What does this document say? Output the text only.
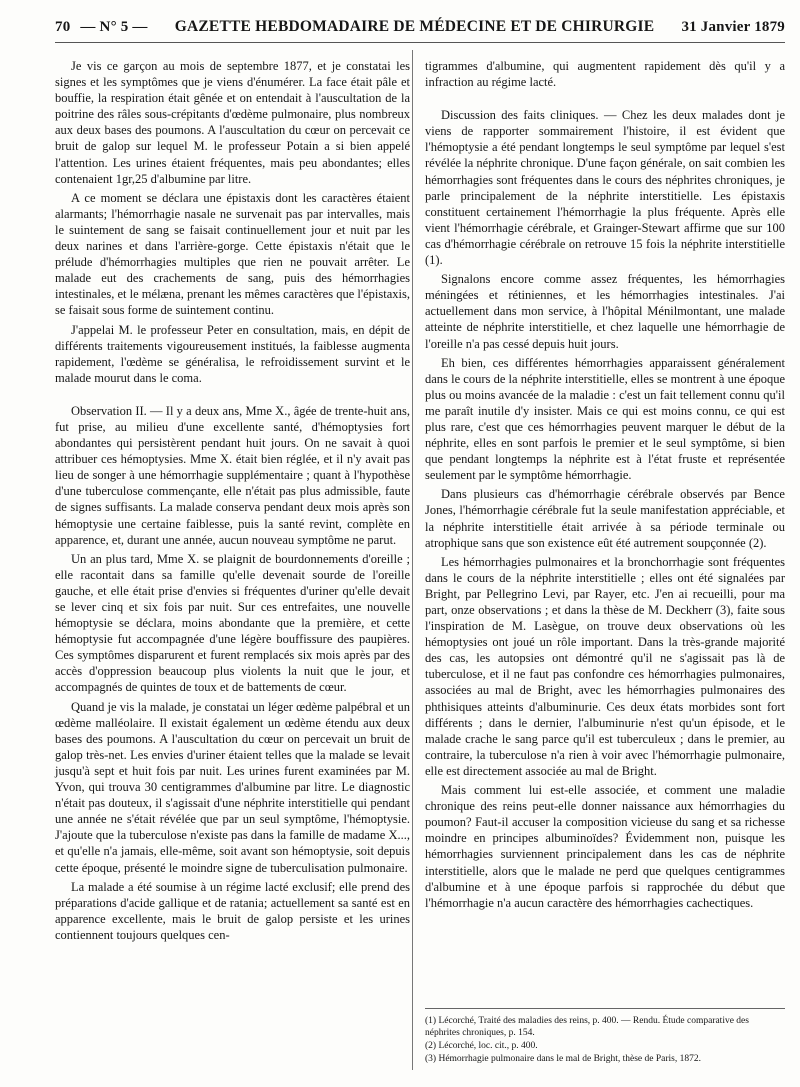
70 — N° 5 — GAZETTE HEBDOMADAIRE DE MÉDECINE ET DE CHIRURGIE 31 Janvier 1879

Je vis ce garçon au mois de septembre 1877, et je constatai les signes et les symptômes que je viens d'énumérer. La face était pâle et bouffie, la respiration était gênée et on entendait à l'auscultation de la poitrine des râles sous-crépitants d'œdème pulmonaire, plus nombreux aux deux bases des poumons. A l'auscultation du cœur on percevait ce bruit de galop sur lequel M. le professeur Potain a si bien appelé l'attention. Les urines étaient fréquentes, mais peu abondantes; elles contenaient 1gr,25 d'albumine par litre.

A ce moment se déclara une épistaxis dont les caractères étaient alarmants; l'hémorrhagie nasale ne survenait pas par intervalles, mais le suintement de sang se faisait continuellement jour et nuit par les deux narines et dans l'arrière-gorge. Cette épistaxis n'était que le prélude d'hémorrhagies multiples que rien ne pouvait arrêter. Le malade eut des crachements de sang, puis des hémorrhagies intestinales, et le mélæna, prenant les mêmes caractères que l'épistaxis, se faisait sous forme de suintement continu.

J'appelai M. le professeur Peter en consultation, mais, en dépit de différents traitements vigoureusement institués, la faiblesse augmenta rapidement, l'œdème se généralisa, le refroidissement survint et le malade mourut dans le coma.

Observation II. — Il y a deux ans, Mme X., âgée de trente-huit ans, fut prise, au milieu d'une excellente santé, d'hémoptysies fort abondantes qui persistèrent pendant huit jours. On ne savait à quoi attribuer ces hémoptysies. Mme X. était bien réglée, et il n'y avait pas lieu de songer à une hémorrhagie supplémentaire ; quant à l'hypothèse d'une tuberculose commençante, elle n'était pas plus admissible, faute de signes suffisants. La malade conserva pendant deux mois après son hémoptysie une certaine faiblesse, puis la santé revint, complète en apparence, et, durant une année, aucun nouveau symptôme ne parut.

Un an plus tard, Mme X. se plaignit de bourdonnements d'oreille ; elle racontait dans sa famille qu'elle devenait sourde de l'oreille gauche, et elle était prise d'envies si fréquentes d'uriner qu'elle devait se lever cinq et six fois par nuit. Sur ces entrefaites, une nouvelle hémoptysie se déclara, moins abondante que la première, et cette hémoptysie fut accompagnée d'une légère bouffissure des paupières. Ces symptômes disparurent et furent remplacés six mois après par des accès d'oppression beaucoup plus violents la nuit que le jour, et accompagnés de quintes de toux et de battements de cœur.

Quand je vis la malade, je constatai un léger œdème palpébral et un œdème malléolaire. Il existait également un œdème étendu aux deux bases des poumons. A l'auscultation du cœur on percevait un bruit de galop très-net. Les envies d'uriner étaient telles que la malade se levait jusqu'à sept et huit fois par nuit. Les urines furent examinées par M. Yvon, qui trouva 30 centigrammes d'albumine par litre. Le diagnostic n'était pas douteux, il s'agissait d'une néphrite interstitielle qui pendant une année ne s'était révélée que par un seul symptôme, l'hémoptysie. J'ajoute que la tuberculose n'existe pas dans la famille de madame X..., et qu'elle n'a jamais, elle-même, soit avant son hémoptysie, soit depuis cette époque, présenté le moindre signe de tuberculisation pulmonaire.

La malade a été soumise à un régime lacté exclusif; elle prend des préparations d'acide gallique et de ratania; actuellement sa santé est en apparence excellente, mais le bruit de galop persiste et les urines contiennent toujours quelques cen-

tigrammes d'albumine, qui augmentent rapidement dès qu'il y a infraction au régime lacté.

Discussion des faits cliniques. — Chez les deux malades dont je viens de rapporter sommairement l'histoire, il est évident que l'hémoptysie a été pendant longtemps le seul symptôme par lequel s'est révélée la néphrite chronique. D'une façon générale, on sait combien les hémorrhagies sont fréquentes dans le cours des néphrites chroniques, je parle principalement de la néphrite interstitielle. Les épistaxis constituent certainement l'hémorrhagie la plus fréquente. Après elle vient l'hémorrhagie cérébrale, et Grainger-Stewart affirme que sur 100 cas d'hémorrhagie cérébrale on retrouve 15 fois la néphrite interstitielle (1).

Signalons encore comme assez fréquentes, les hémorrhagies méningées et rétiniennes, et les hémorrhagies intestinales. J'ai actuellement dans mon service, à l'hôpital Ménilmontant, une malade atteinte de néphrite interstitielle, et chez laquelle une hémorrhagie de l'oreille n'a pas cessé depuis huit jours.

Eh bien, ces différentes hémorrhagies apparaissent généralement dans le cours de la néphrite interstitielle, elles se montrent à une époque plus ou moins avancée de la maladie : c'est un fait tellement connu qu'il me paraît inutile d'y insister. Mais ce qui est moins connu, ce qui est plus rare, c'est que ces hémorrhagies peuvent marquer le début de la néphrite, elles en sont parfois le premier et le seul symptôme, si bien que pendant longtemps la néphrite est à l'état fruste et représentée seulement par le symptôme hémorrhagie.

Dans plusieurs cas d'hémorrhagie cérébrale observés par Bence Jones, l'hémorrhagie cérébrale fut la seule manifestation appréciable, et la néphrite interstitielle était arrivée à sa période terminale ou atrophique sans que son existence eût été autrement soupçonnée (2).

Les hémorrhagies pulmonaires et la bronchorrhagie sont fréquentes dans le cours de la néphrite interstitielle ; elles ont été signalées par Bright, par Pellegrino Levi, par Rayer, etc. J'en ai recueilli, pour ma part, onze observations ; et dans la thèse de M. Deckherr (3), faite sous l'inspiration de M. Lasègue, on trouve deux observations où les hémoptysies ont joué un rôle important. Dans la très-grande majorité des cas, les autopsies ont démontré qu'il ne s'agissait pas là de tuberculose, et il ne faut pas confondre ces hémorrhagies pulmonaires, associées au mal de Bright, avec les hémorrhagies pulmonaires des phthisiques atteints d'albuminurie. Ces deux états morbides sont fort différents ; dans le dernier, l'albuminurie n'est qu'un épisode, et le malade crache le sang parce qu'il est tuberculeux ; dans le premier, au contraire, la tuberculose n'a rien à voir avec l'hémorrhagie pulmonaire, elle est directement associée au mal de Bright.

Mais comment lui est-elle associée, et comment une maladie chronique des reins peut-elle donner naissance aux hémorrhagies du poumon? Faut-il accuser la composition vicieuse du sang et sa richesse moindre en principes albuminoïdes? Évidemment non, puisque les hémorrhagies surviennent principalement dans les cas de néphrite interstitielle, alors que le malade ne perd que quelques centigrammes d'albumine et à une époque parfois si rapprochée du début que l'hémorrhagie n'a aucun caractère des hémorrhagies cachectiques.

(1) Lécorché, Traité des maladies des reins, p. 400. — Rendu. Étude comparative des néphrites chroniques, p. 154.
(2) Lécorché, loc. cit., p. 400.
(3) Hémorrhagie pulmonaire dans le mal de Bright, thèse de Paris, 1872.
